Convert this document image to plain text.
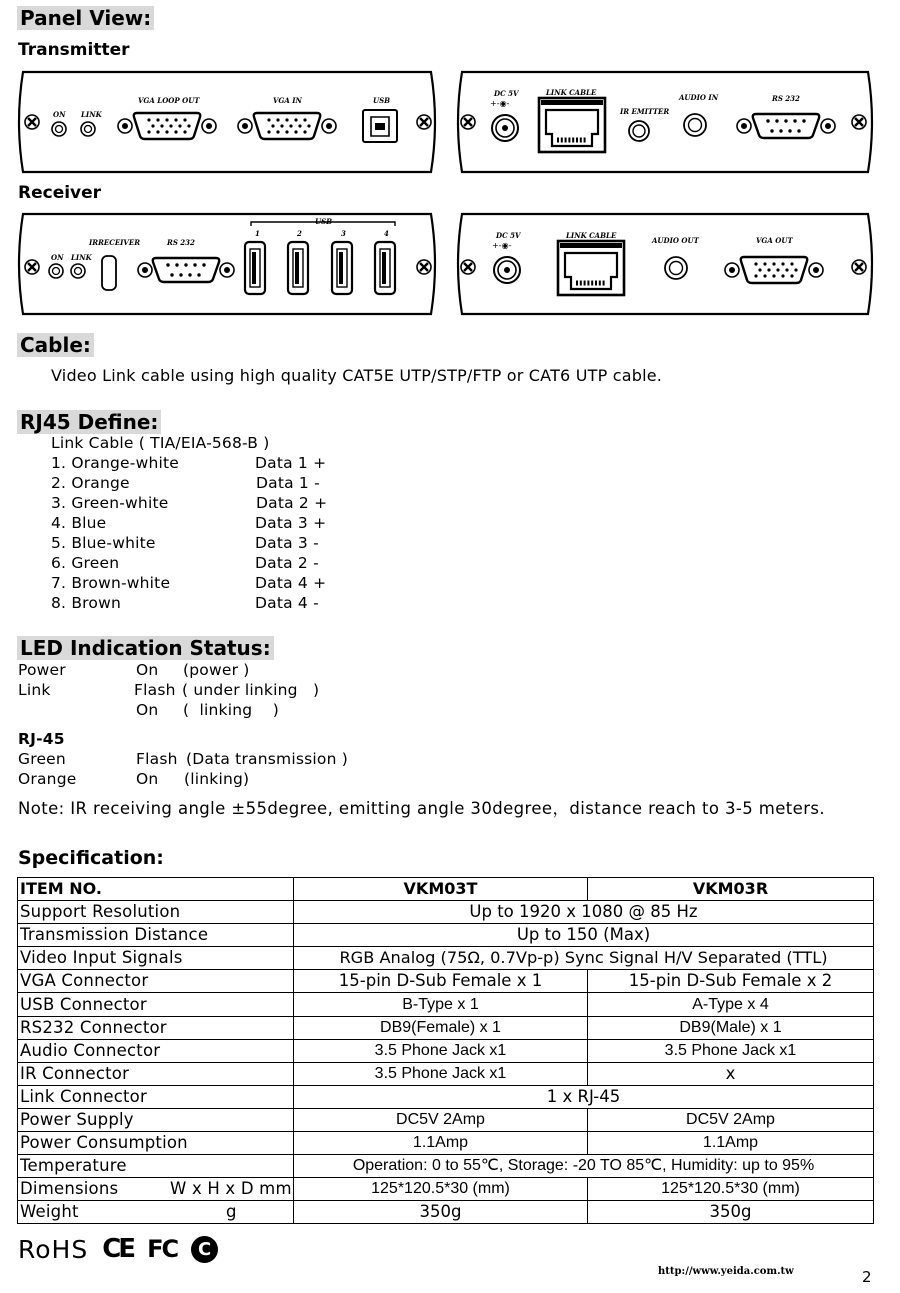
Panel View:
Transmitter
ON LINK
VGA LOOP OUT	VGA IN	USB
DC 5V
+-◉-
LINK CABLE
IR EMITTER
AUDIO IN	RS 232
Receiver
ON LINK
IRRECEIVER	RS 232
USB
1	2	3	4	DC 5V
+-◉-
LINK CABLE
AUDIO OUT	VGA OUT
Cable:
Video Link cable using high quality CAT5E UTP/STP/FTP or CAT6 UTP cable.
RJ45 Define:
Link Cable ( TIA/EIA-568-B )
1. Orange-white	Data 1 +
2. Orange	Data 1 -
3. Green-white	Data 2 +
4. Blue	Data 3 +
5. Blue-white	Data 3 -
6. Green	Data 2 -
7. Brown-white	Data 4 +
8. Brown	Data 4 -
LED Indication Status:
Power	On (power )
Link	Flash ( under linking   )
On (  linking    )
RJ-45
Green	Flash (Data transmission )
Orange	On (linking)
Note: IR receiving angle ±55degree, emitting angle 30degree，distance reach to 3-5 meters.
Specification:
ITEM NO.	VKM03T	VKM03R
Support Resolution	Up to 1920 x 1080 @ 85 Hz	
Transmission Distance	Up to 150 (Max)	
Video Input Signals	RGB Analog (75Ω, 0.7Vp-p) Sync Signal H/V Separated (TTL)	
VGA Connector	15-pin D-Sub Female x 1	15-pin D-Sub Female x 2
USB Connector	B-Type x 1	A-Type x 4
RS232 Connector	DB9(Female) x 1	DB9(Male) x 1
Audio Connector	3.5 Phone Jack x1	3.5 Phone Jack x1
IR Connector	3.5 Phone Jack x1	x
Link Connector	1 x RJ-45	
Power Supply	DC5V 2Amp	DC5V 2Amp
Power Consumption	1.1Amp	1.1Amp
Temperature	Operation: 0 to 55℃, Storage: -20 TO 85℃, Humidity: up to 95%	
Dimensions W x H x D mm	125*120.5*30 (mm)	125*120.5*30 (mm)
Weight g	350g	350g
RoHS CE FC	C
http://www.yeida.com.tw	2
